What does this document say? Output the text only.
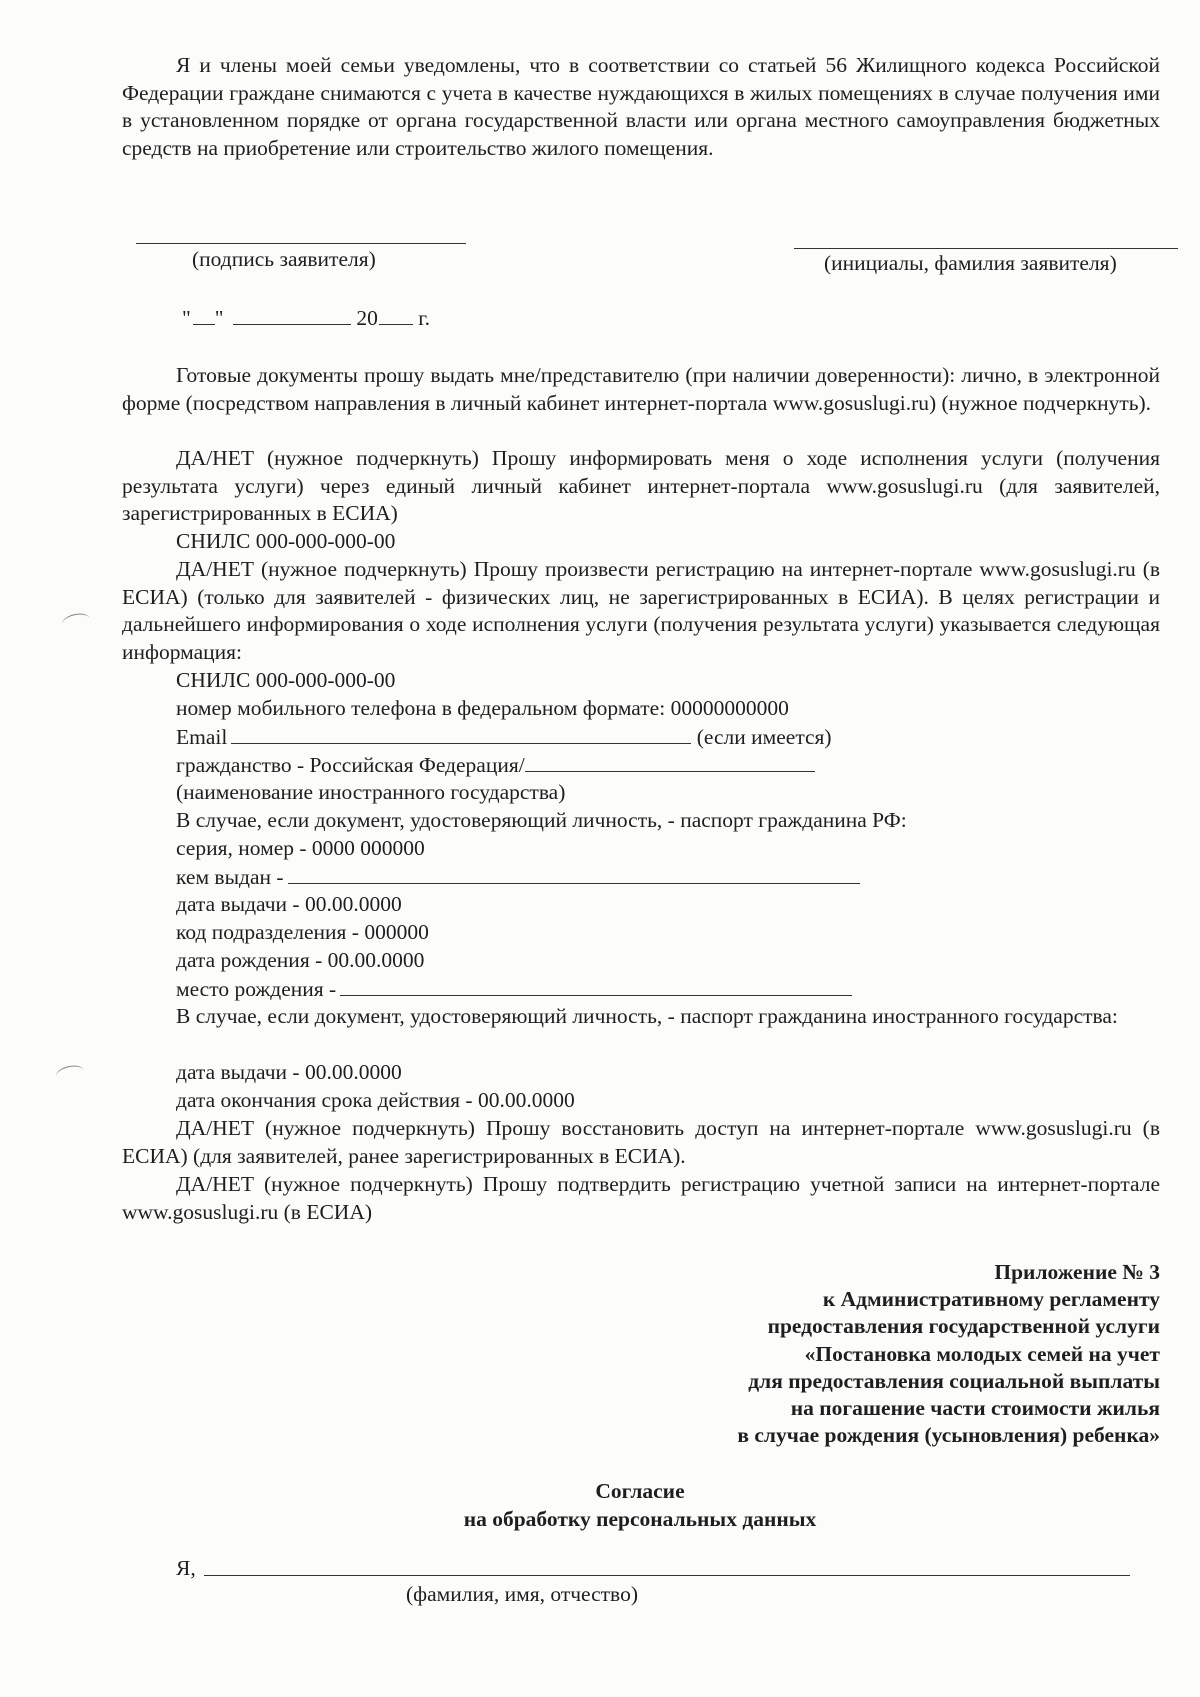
Я и члены моей семьи уведомлены, что в соответствии со статьей 56 Жилищного кодекса Российской Федерации граждане снимаются с учета в качестве нуждающихся в жилых помещениях в случае получения ими в установленном порядке от органа государственной власти или органа местного самоуправления бюджетных средств на приобретение или строительство жилого помещения.
(подпись заявителя)	(инициалы, фамилия заявителя)
" "	20 г.
Готовые документы прошу выдать мне/представителю (при наличии доверенности): лично, в электронной форме (посредством направления в личный кабинет интернет-портала www.gosuslugi.ru) (нужное подчеркнуть).
ДА/НЕТ (нужное подчеркнуть) Прошу информировать меня о ходе исполнения услуги (получения результата услуги) через единый личный кабинет интернет-портала www.gosuslugi.ru (для заявителей, зарегистрированных в ЕСИА)
СНИЛС 000-000-000-00
ДА/НЕТ (нужное подчеркнуть) Прошу произвести регистрацию на интернет-портале www.gosuslugi.ru (в ЕСИА) (только для заявителей - физических лиц, не зарегистрированных в ЕСИА). В целях регистрации и дальнейшего информирования о ходе исполнения услуги (получения результата услуги) указывается следующая информация:
СНИЛС 000-000-000-00
номер мобильного телефона в федеральном формате: 00000000000
Email	(если имеется)
гражданство - Российская Федерация/
(наименование иностранного государства)
В случае, если документ, удостоверяющий личность, - паспорт гражданина РФ:
серия, номер - 0000 000000
кем выдан -
дата выдачи - 00.00.0000
код подразделения - 000000
дата рождения - 00.00.0000
место рождения -
В случае, если документ, удостоверяющий личность, - паспорт гражданина иностранного государства:
дата выдачи - 00.00.0000
дата окончания срока действия - 00.00.0000
ДА/НЕТ (нужное подчеркнуть) Прошу восстановить доступ на интернет-портале www.gosuslugi.ru (в ЕСИА) (для заявителей, ранее зарегистрированных в ЕСИА).
ДА/НЕТ (нужное подчеркнуть) Прошу подтвердить регистрацию учетной записи на интернет-портале www.gosuslugi.ru (в ЕСИА)
Приложение № 3
к Административному регламенту
предоставления государственной услуги
«Постановка молодых семей на учет
для предоставления социальной выплаты
на погашение части стоимости жилья
в случае рождения (усыновления) ребенка»
Согласие
на обработку персональных данных
Я,
(фамилия, имя, отчество)
